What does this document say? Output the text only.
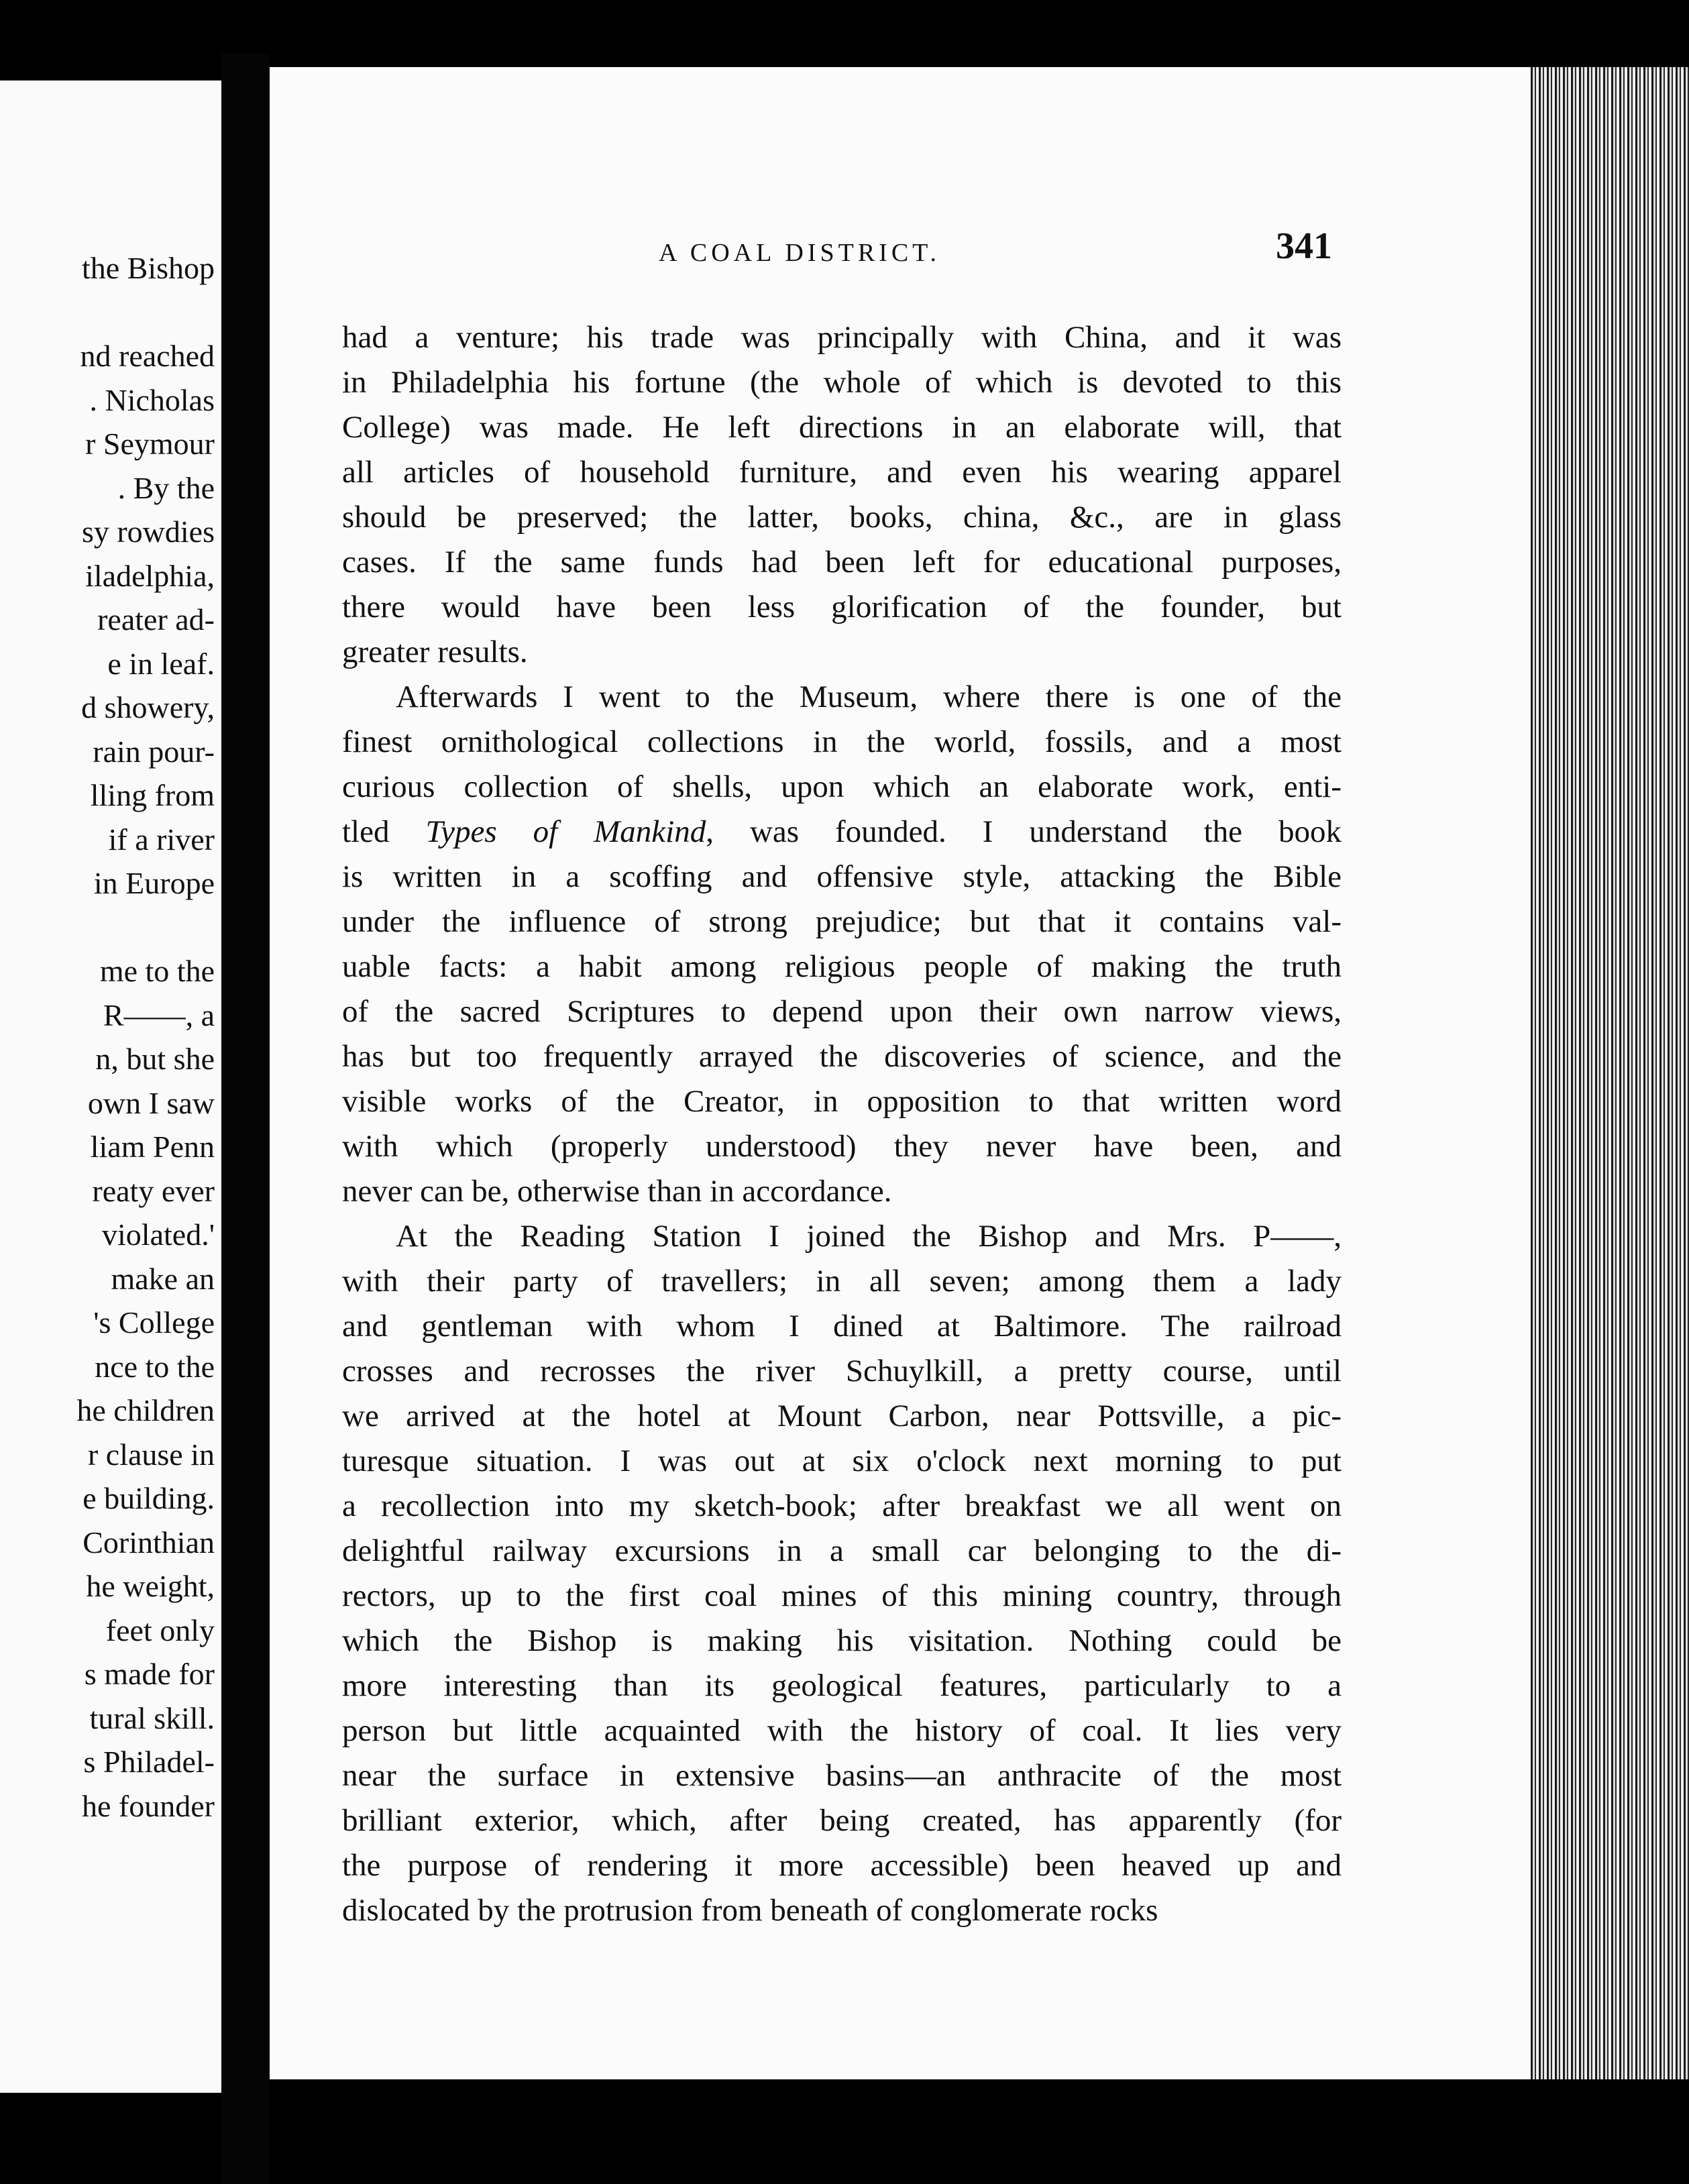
the Bishop
nd reached
. Nicholas
r Seymour
. By the
sy rowdies
iladelphia,
reater ad-
e in leaf.
d showery,
rain pour-
lling from
if a river
in Europe
me to the
R——, a
n, but she
own I saw
liam Penn
reaty ever
violated.'
make an
's College
nce to the
he children
r clause in
e building.
Corinthian
he weight,
feet only
s made for
tural skill.
s Philadel-
he founder
A COAL DISTRICT.	341
had a venture; his trade was principally with China, and it was
in Philadelphia his fortune (the whole of which is devoted to this
College) was made. He left directions in an elaborate will, that
all articles of household furniture, and even his wearing apparel
should be preserved; the latter, books, china, &c., are in glass
cases. If the same funds had been left for educational purposes,
there would have been less glorification of the founder, but
greater results.
Afterwards I went to the Museum, where there is one of the
finest ornithological collections in the world, fossils, and a most
curious collection of shells, upon which an elaborate work, enti-
tled Types of Mankind, was founded. I understand the book
is written in a scoffing and offensive style, attacking the Bible
under the influence of strong prejudice; but that it contains val-
uable facts: a habit among religious people of making the truth
of the sacred Scriptures to depend upon their own narrow views,
has but too frequently arrayed the discoveries of science, and the
visible works of the Creator, in opposition to that written word
with which (properly understood) they never have been, and
never can be, otherwise than in accordance.
At the Reading Station I joined the Bishop and Mrs. P——,
with their party of travellers; in all seven; among them a lady
and gentleman with whom I dined at Baltimore. The railroad
crosses and recrosses the river Schuylkill, a pretty course, until
we arrived at the hotel at Mount Carbon, near Pottsville, a pic-
turesque situation. I was out at six o'clock next morning to put
a recollection into my sketch-book; after breakfast we all went on
delightful railway excursions in a small car belonging to the di-
rectors, up to the first coal mines of this mining country, through
which the Bishop is making his visitation. Nothing could be
more interesting than its geological features, particularly to a
person but little acquainted with the history of coal. It lies very
near the surface in extensive basins—an anthracite of the most
brilliant exterior, which, after being created, has apparently (for
the purpose of rendering it more accessible) been heaved up and
dislocated by the protrusion from beneath of conglomerate rocks
